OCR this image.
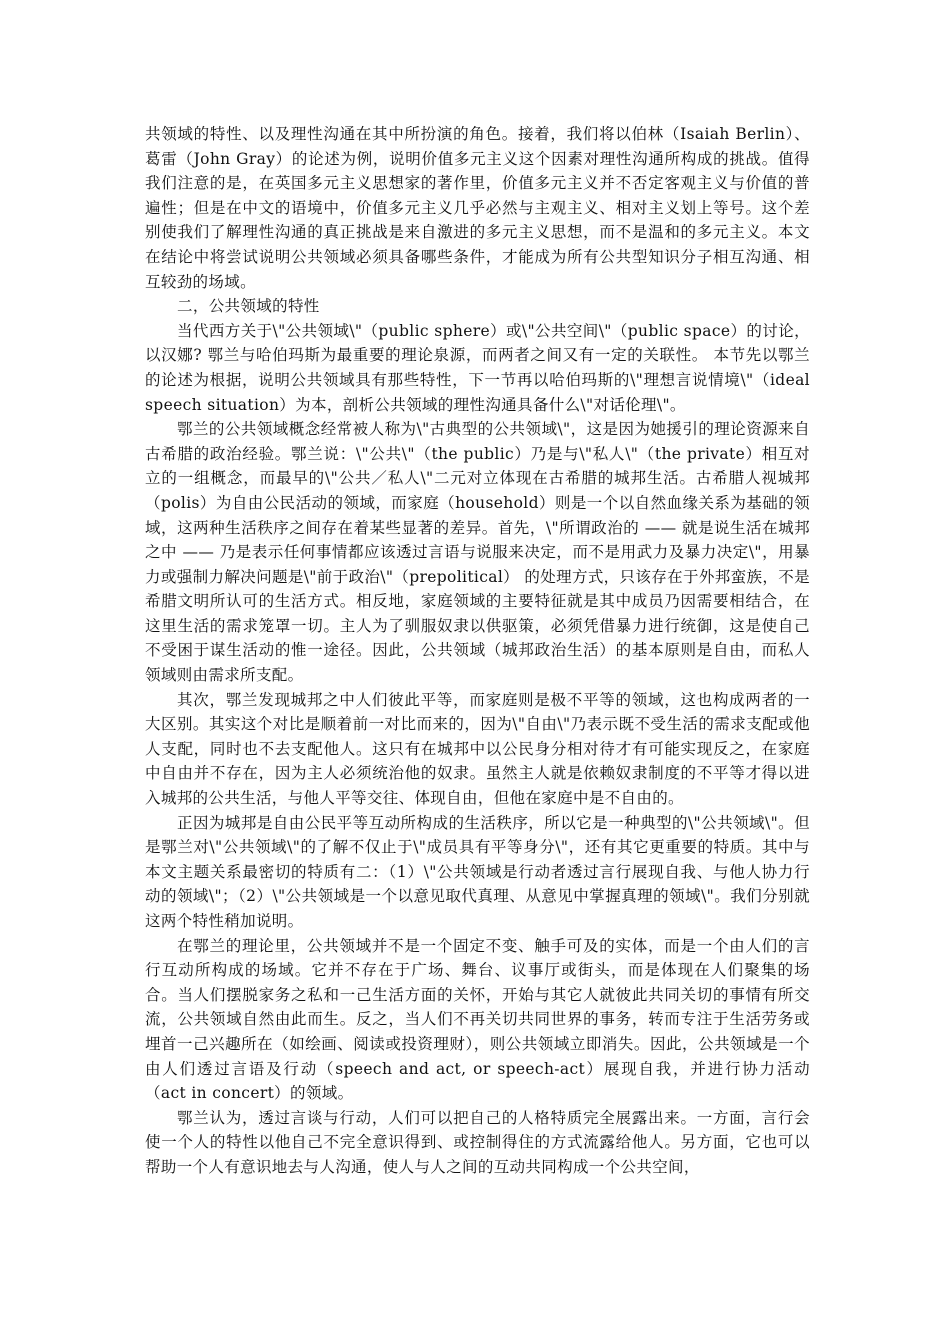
共领域的特性、以及理性沟通在其中所扮演的角色。接着，我们将以伯林（Isaiah Berlin）、葛雷（John Gray）的论述为例，说明价值多元主义这个因素对理性沟通所构成的挑战。值得我们注意的是，在英国多元主义思想家的著作里，价值多元主义并不否定客观主义与价值的普遍性；但是在中文的语境中，价值多元主义几乎必然与主观主义、相对主义划上等号。这个差别使我们了解理性沟通的真正挑战是来自激进的多元主义思想，而不是温和的多元主义。本文在结论中将尝试说明公共领域必须具备哪些条件，才能成为所有公共型知识分子相互沟通、相互较劲的场域。

二，公共领域的特性

当代西方关于\"公共领域\"（public sphere）或\"公共空间\"（public space）的讨论，以汉娜? 鄂兰与哈伯玛斯为最重要的理论泉源，而两者之间又有一定的关联性。 本节先以鄂兰的论述为根据，说明公共领域具有那些特性，下一节再以哈伯玛斯的\"理想言说情境\"（ideal speech situation）为本，剖析公共领域的理性沟通具备什么\"对话伦理\"。

鄂兰的公共领域概念经常被人称为\"古典型的公共领域\"，这是因为她援引的理论资源来自古希腊的政治经验。鄂兰说：\"公共\"（the public）乃是与\"私人\"（the private）相互对立的一组概念，而最早的\"公共／私人\"二元对立体现在古希腊的城邦生活。古希腊人视城邦（polis）为自由公民活动的领域，而家庭（household）则是一个以自然血缘关系为基础的领域，这两种生活秩序之间存在着某些显著的差异。首先，\"所谓政治的 —— 就是说生活在城邦之中 —— 乃是表示任何事情都应该透过言语与说服来决定，而不是用武力及暴力决定\"，用暴力或强制力解决问题是\"前于政治\"（prepolitical） 的处理方式，只该存在于外邦蛮族，不是希腊文明所认可的生活方式。相反地，家庭领域的主要特征就是其中成员乃因需要相结合，在这里生活的需求笼罩一切。主人为了驯服奴隶以供驱策，必须凭借暴力进行统御，这是使自己不受困于谋生活动的惟一途径。因此，公共领域（城邦政治生活）的基本原则是自由，而私人领域则由需求所支配。

其次，鄂兰发现城邦之中人们彼此平等，而家庭则是极不平等的领域，这也构成两者的一大区别。其实这个对比是顺着前一对比而来的，因为\"自由\"乃表示既不受生活的需求支配或他人支配，同时也不去支配他人。这只有在城邦中以公民身分相对待才有可能实现反之，在家庭中自由并不存在，因为主人必须统治他的奴隶。虽然主人就是依赖奴隶制度的不平等才得以进入城邦的公共生活，与他人平等交往、体现自由，但他在家庭中是不自由的。

正因为城邦是自由公民平等互动所构成的生活秩序，所以它是一种典型的\"公共领域\"。但是鄂兰对\"公共领域\"的了解不仅止于\"成员具有平等身分\"，还有其它更重要的特质。其中与本文主题关系最密切的特质有二：（1）\"公共领域是行动者透过言行展现自我、与他人协力行动的领域\"；（2）\"公共领域是一个以意见取代真理、从意见中掌握真理的领域\"。我们分别就这两个特性稍加说明。

在鄂兰的理论里，公共领域并不是一个固定不变、触手可及的实体，而是一个由人们的言行互动所构成的场域。它并不存在于广场、舞台、议事厅或街头，而是体现在人们聚集的场合。当人们摆脱家务之私和一己生活方面的关怀，开始与其它人就彼此共同关切的事情有所交流，公共领域自然由此而生。反之，当人们不再关切共同世界的事务，转而专注于生活劳务或埋首一己兴趣所在（如绘画、阅读或投资理财），则公共领域立即消失。因此，公共领域是一个由人们透过言语及行动（speech and act, or speech-act）展现自我，并进行协力活动（act in concert）的领域。

鄂兰认为，透过言谈与行动，人们可以把自己的人格特质完全展露出来。一方面，言行会使一个人的特性以他自己不完全意识得到、或控制得住的方式流露给他人。另方面，它也可以帮助一个人有意识地去与人沟通，使人与人之间的互动共同构成一个公共空间，
